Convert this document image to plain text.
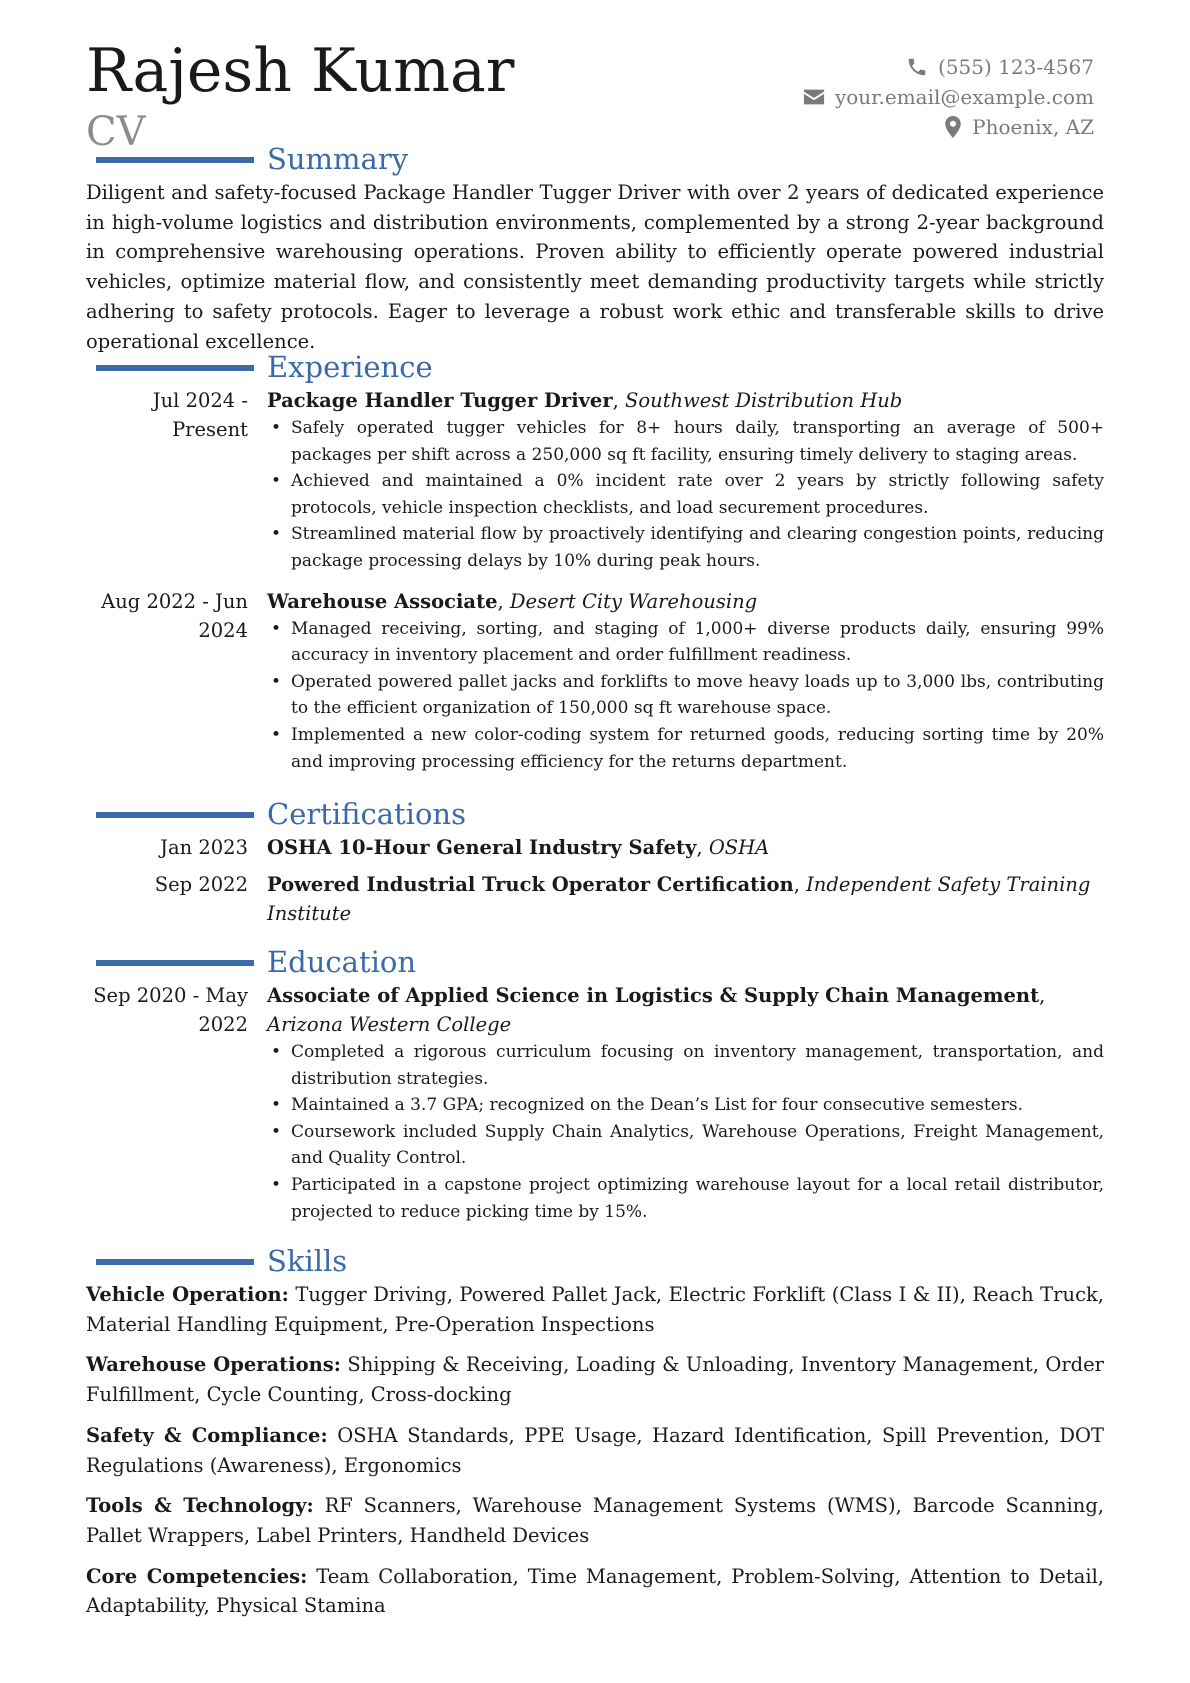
Rajesh Kumar
CV
(555) 123-4567
your.email@example.com
Phoenix, AZ
Summary

Diligent and safety-focused Package Handler Tugger Driver with over 2 years of dedicated experience in high-volume logistics and distribution environments, complemented by a strong 2-year background in comprehensive warehousing operations. Proven ability to efficiently operate powered industrial vehicles, optimize material flow, and consistently meet demanding productivity targets while strictly adhering to safety protocols. Eager to leverage a robust work ethic and transferable skills to drive operational excellence.

Experience
Jul 2024 - Present
Package Handler Tugger Driver, Southwest Distribution Hub
• Safely operated tugger vehicles for 8+ hours daily, transporting an average of 500+ packages per shift across a 250,000 sq ft facility, ensuring timely delivery to staging areas.
• Achieved and maintained a 0% incident rate over 2 years by strictly following safety protocols, vehicle inspection checklists, and load securement procedures.
• Streamlined material flow by proactively identifying and clearing congestion points, reducing package processing delays by 10% during peak hours.
Aug 2022 - Jun 2024
Warehouse Associate, Desert City Warehousing
• Managed receiving, sorting, and staging of 1,000+ diverse products daily, ensuring 99% accuracy in inventory placement and order fulfillment readiness.
• Operated powered pallet jacks and forklifts to move heavy loads up to 3,000 lbs, contributing to the efficient organization of 150,000 sq ft warehouse space.
• Implemented a new color-coding system for returned goods, reducing sorting time by 20% and improving processing efficiency for the returns department.
Certifications
Jan 2023 OSHA 10-Hour General Industry Safety, OSHA
Sep 2022 Powered Industrial Truck Operator Certification, Independent Safety Training Institute
Education
Sep 2020 - May 2022
Associate of Applied Science in Logistics & Supply Chain Management, Arizona Western College
• Completed a rigorous curriculum focusing on inventory management, transportation, and distribution strategies.
• Maintained a 3.7 GPA; recognized on the Dean’s List for four consecutive semesters.
• Coursework included Supply Chain Analytics, Warehouse Operations, Freight Management, and Quality Control.
• Participated in a capstone project optimizing warehouse layout for a local retail distributor, projected to reduce picking time by 15%.
Skills

Vehicle Operation: Tugger Driving, Powered Pallet Jack, Electric Forklift (Class I & II), Reach Truck, Material Handling Equipment, Pre-Operation Inspections

Warehouse Operations: Shipping & Receiving, Loading & Unloading, Inventory Management, Order Fulfillment, Cycle Counting, Cross-docking

Safety & Compliance: OSHA Standards, PPE Usage, Hazard Identification, Spill Prevention, DOT Regulations (Awareness), Ergonomics

Tools & Technology: RF Scanners, Warehouse Management Systems (WMS), Barcode Scanning, Pallet Wrappers, Label Printers, Handheld Devices

Core Competencies: Team Collaboration, Time Management, Problem-Solving, Attention to Detail, Adaptability, Physical Stamina
